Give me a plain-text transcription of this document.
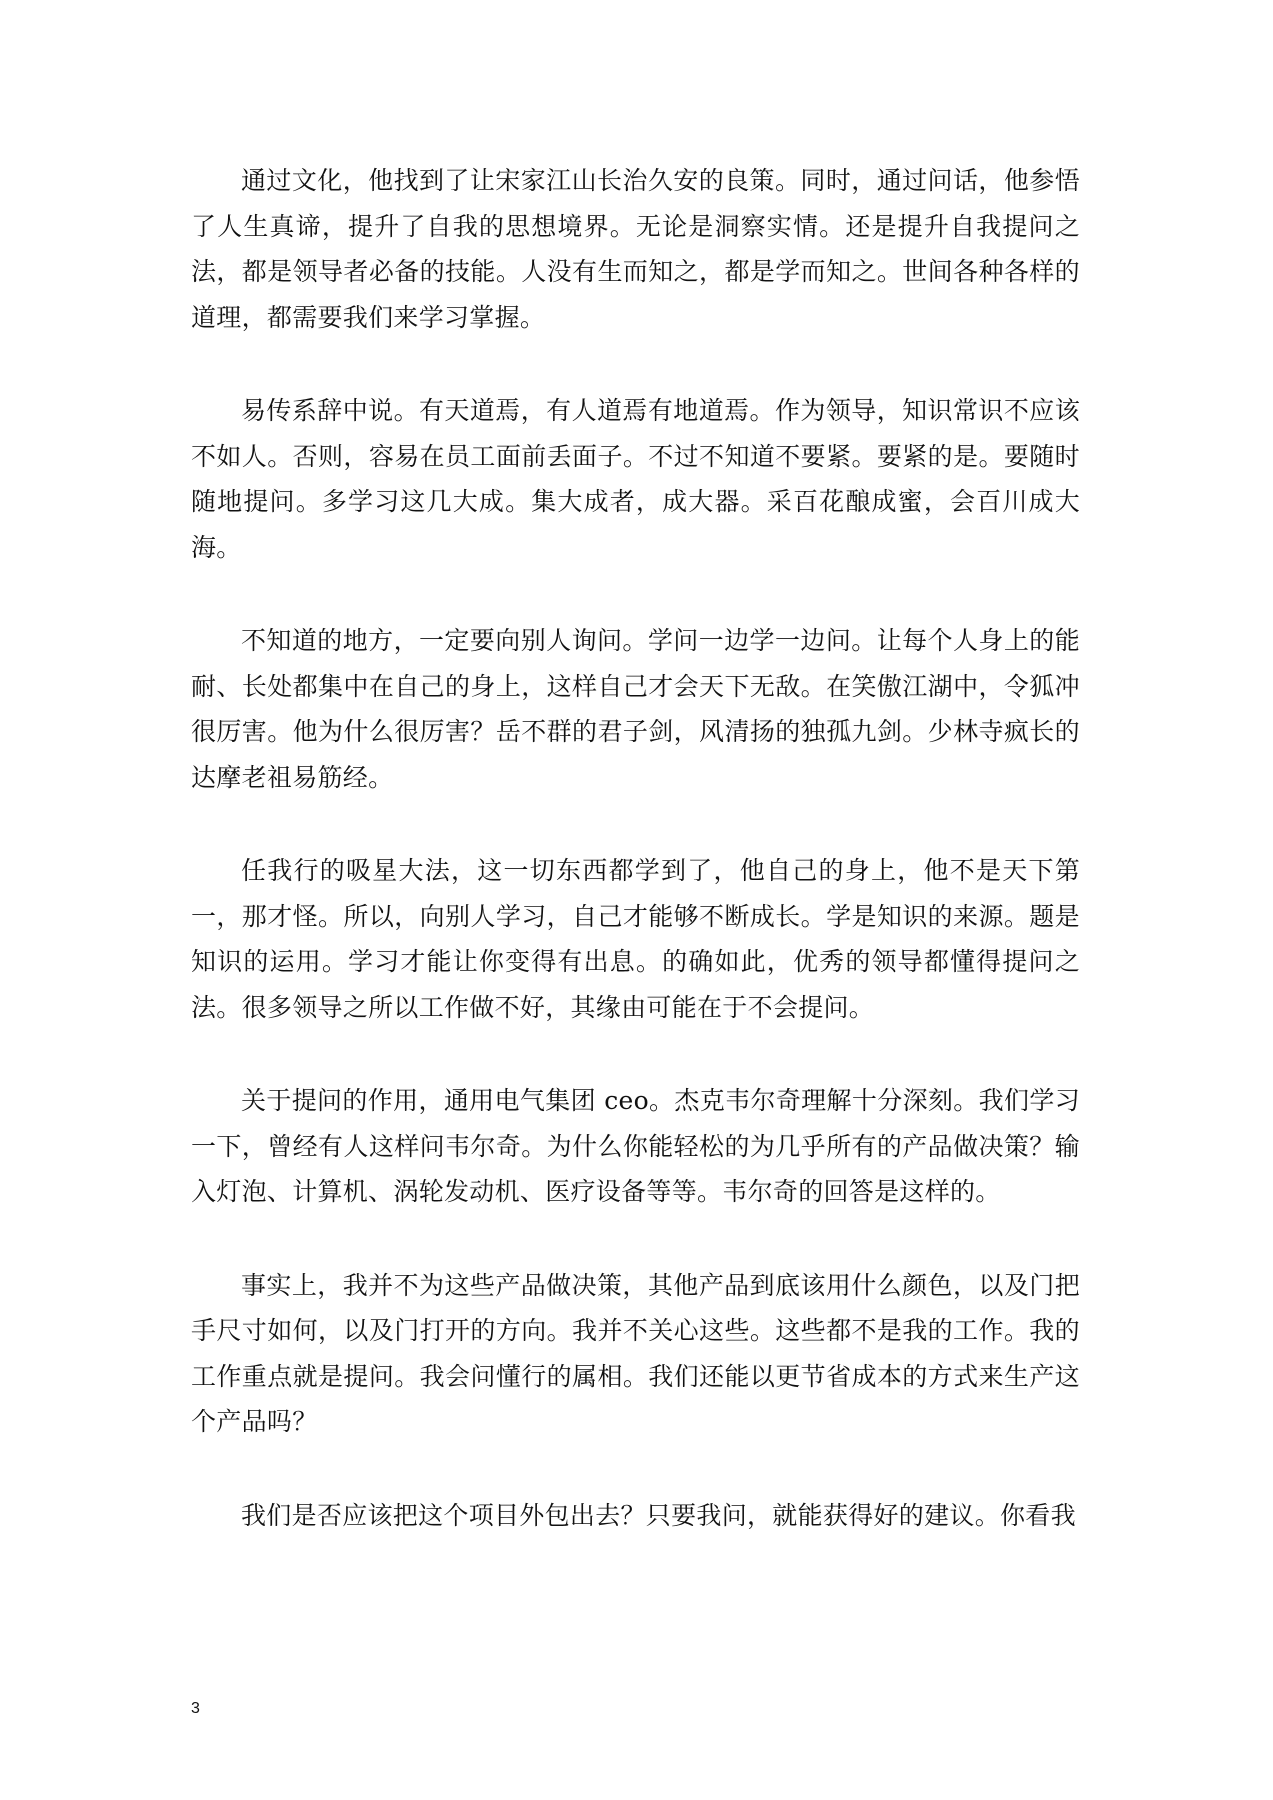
通过文化，他找到了让宋家江山长治久安的良策。同时，通过问话，他参悟了人生真谛，提升了自我的思想境界。无论是洞察实情。还是提升自我提问之法，都是领导者必备的技能。人没有生而知之，都是学而知之。世间各种各样的道理，都需要我们来学习掌握。

易传系辞中说。有天道焉，有人道焉有地道焉。作为领导，知识常识不应该不如人。否则，容易在员工面前丢面子。不过不知道不要紧。要紧的是。要随时随地提问。多学习这几大成。集大成者，成大器。采百花酿成蜜，会百川成大海。

不知道的地方，一定要向别人询问。学问一边学一边问。让每个人身上的能耐、长处都集中在自己的身上，这样自己才会天下无敌。在笑傲江湖中，令狐冲很厉害。他为什么很厉害？岳不群的君子剑，风清扬的独孤九剑。少林寺疯长的达摩老祖易筋经。

任我行的吸星大法，这一切东西都学到了，他自己的身上，他不是天下第一，那才怪。所以，向别人学习，自己才能够不断成长。学是知识的来源。题是知识的运用。学习才能让你变得有出息。的确如此，优秀的领导都懂得提问之法。很多领导之所以工作做不好，其缘由可能在于不会提问。

关于提问的作用，通用电气集团 ceo。杰克韦尔奇理解十分深刻。我们学习一下，曾经有人这样问韦尔奇。为什么你能轻松的为几乎所有的产品做决策？输入灯泡、计算机、涡轮发动机、医疗设备等等。韦尔奇的回答是这样的。

事实上，我并不为这些产品做决策，其他产品到底该用什么颜色，以及门把手尺寸如何，以及门打开的方向。我并不关心这些。这些都不是我的工作。我的工作重点就是提问。我会问懂行的属相。我们还能以更节省成本的方式来生产这个产品吗？

我们是否应该把这个项目外包出去？只要我问，就能获得好的建议。你看我

3
